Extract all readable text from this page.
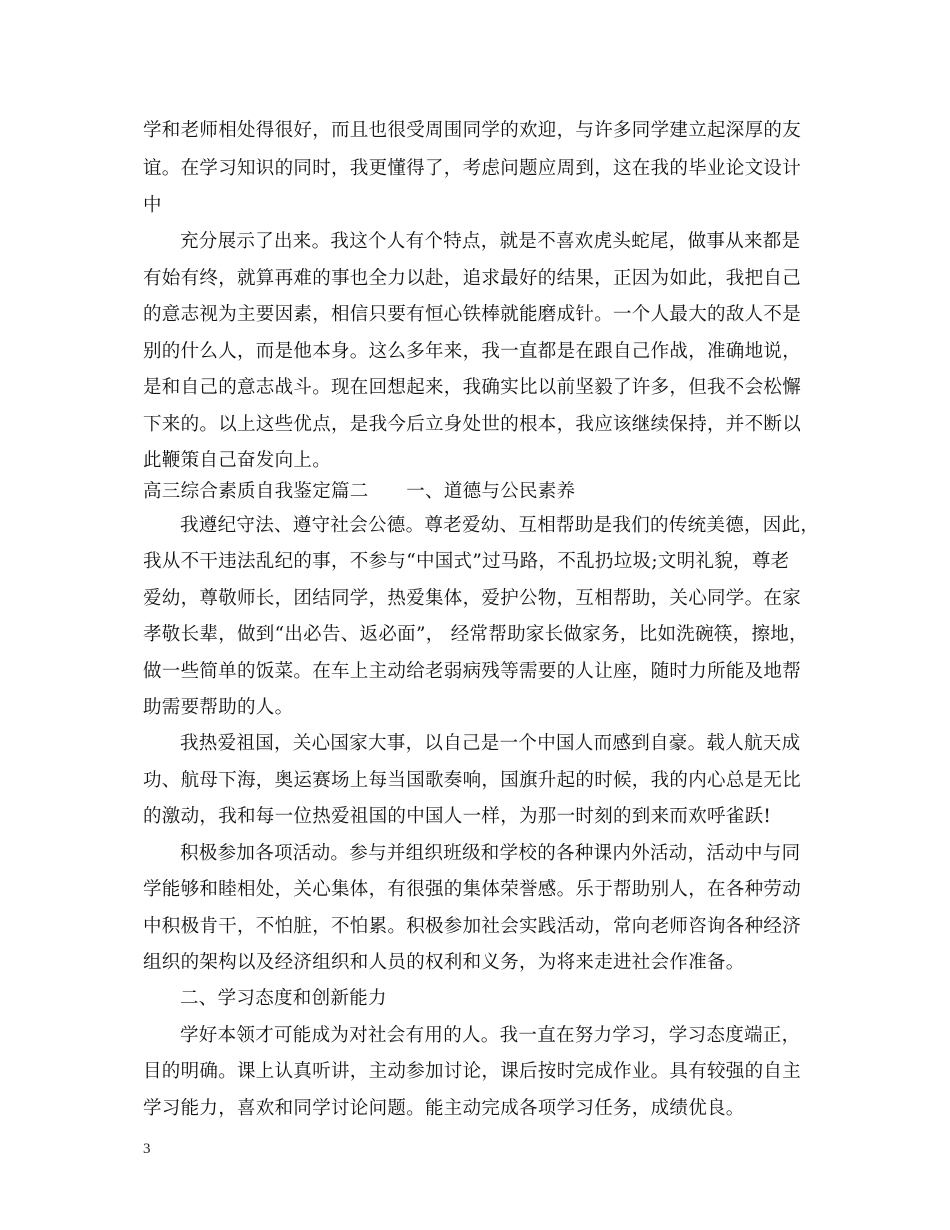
学和老师相处得很好，而且也很受周围同学的欢迎，与许多同学建立起深厚的友
谊。在学习知识的同时，我更懂得了，考虑问题应周到，这在我的毕业论文设计
中
充分展示了出来。我这个人有个特点，就是不喜欢虎头蛇尾，做事从来都是
有始有终，就算再难的事也全力以赴，追求最好的结果，正因为如此，我把自己
的意志视为主要因素，相信只要有恒心铁棒就能磨成针。一个人最大的敌人不是
别的什么人，而是他本身。这么多年来，我一直都是在跟自己作战，准确地说，
是和自己的意志战斗。现在回想起来，我确实比以前坚毅了许多，但我不会松懈
下来的。以上这些优点，是我今后立身处世的根本，我应该继续保持，并不断以
此鞭策自己奋发向上。
高三综合素质自我鉴定篇二　　一、道德与公民素养
我遵纪守法、遵守社会公德。尊老爱幼、互相帮助是我们的传统美德，因此，
我从不干违法乱纪的事，不参与“中国式”过马路，不乱扔垃圾;文明礼貌，尊老
爱幼，尊敬师长，团结同学，热爱集体，爱护公物，互相帮助，关心同学。在家
孝敬长辈，做到“出必告、返必面”， 经常帮助家长做家务，比如洗碗筷，擦地，
做一些简单的饭菜。在车上主动给老弱病残等需要的人让座，随时力所能及地帮
助需要帮助的人。
我热爱祖国，关心国家大事，以自己是一个中国人而感到自豪。载人航天成
功、航母下海，奥运赛场上每当国歌奏响，国旗升起的时候，我的内心总是无比
的激动，我和每一位热爱祖国的中国人一样，为那一时刻的到来而欢呼雀跃!
积极参加各项活动。参与并组织班级和学校的各种课内外活动，活动中与同
学能够和睦相处，关心集体，有很强的集体荣誉感。乐于帮助别人，在各种劳动
中积极肯干，不怕脏，不怕累。积极参加社会实践活动，常向老师咨询各种经济
组织的架构以及经济组织和人员的权利和义务，为将来走进社会作准备。
二、学习态度和创新能力
学好本领才可能成为对社会有用的人。我一直在努力学习，学习态度端正，
目的明确。课上认真听讲，主动参加讨论，课后按时完成作业。具有较强的自主
学习能力，喜欢和同学讨论问题。能主动完成各项学习任务，成绩优良。
3
